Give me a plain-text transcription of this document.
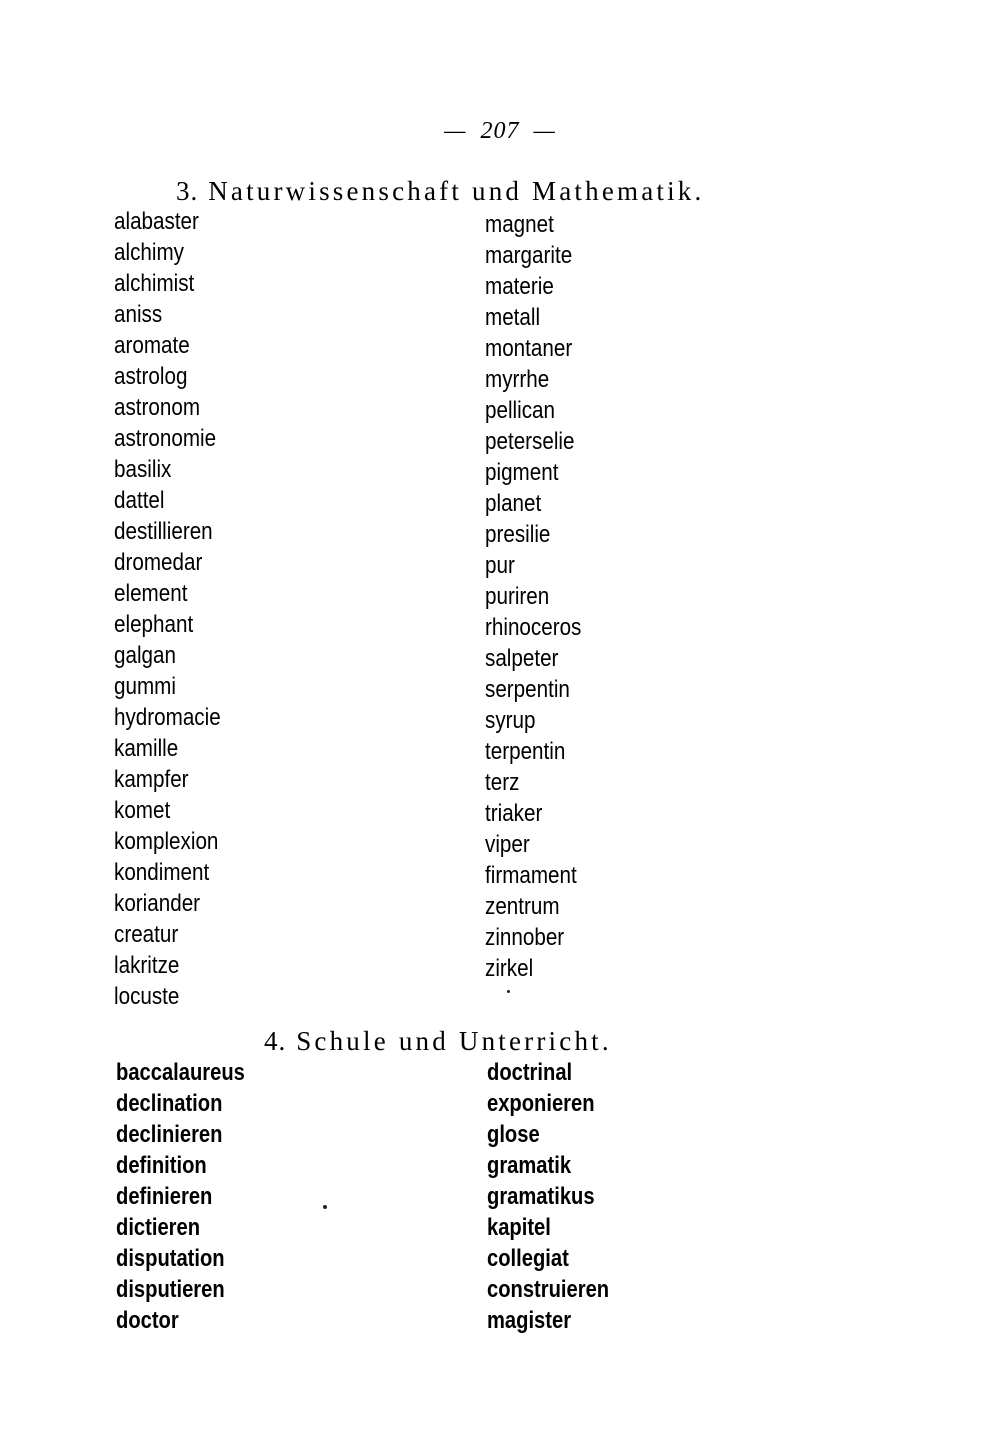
— 207 —
3. Naturwissenschaft und Mathematik.
alabaster
alchimy
alchimist
aniss
aromate
astrolog
astronom
astronomie
basilix
dattel
destillieren
dromedar
element
elephant
galgan
gummi
hydromacie
kamille
kampfer
komet
komplexion
kondiment
koriander
creatur
lakritze
locuste
magnet
margarite
materie
metall
montaner
myrrhe
pellican
peterselie
pigment
planet
presilie
pur
puriren
rhinoceros
salpeter
serpentin
syrup
terpentin
terz
triaker
viper
firmament
zentrum
zinnober
zirkel
4. Schule und Unterricht.
baccalaureus
declination
declinieren
definition
definieren
dictieren
disputation
disputieren
doctor
doctrinal
exponieren
glose
gramatik
gramatikus
kapitel
collegiat
construieren
magister
